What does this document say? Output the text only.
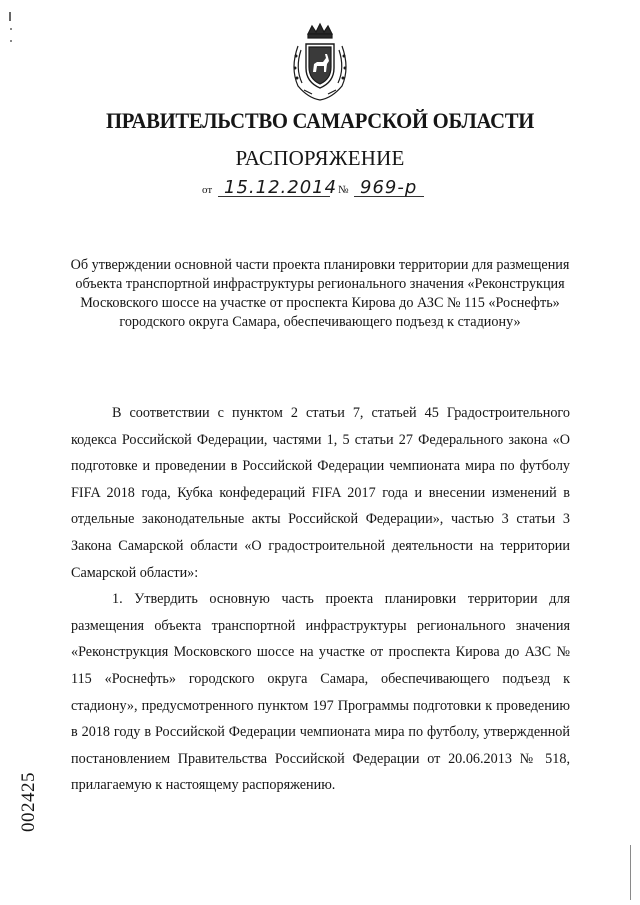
ПРАВИТЕЛЬСТВО САМАРСКОЙ ОБЛАСТИ
РАСПОРЯЖЕНИЕ
от 15.12.2014 № 969-р
Об утверждении основной части проекта планировки территории для размещения объекта транспортной инфраструктуры регионального значения «Реконструкция Московского шоссе на участке от проспекта Кирова до АЗС № 115 «Роснефть» городского округа Самара, обеспечивающего подъезд к стадиону»

В соответствии с пунктом 2 статьи 7, статьей 45 Градостроительного кодекса Российской Федерации, частями 1, 5 статьи 27 Федерального закона «О подготовке и проведении в Российской Федерации чемпионата мира по футболу FIFA 2018 года, Кубка конфедераций FIFA 2017 года и внесении изменений в отдельные законодательные акты Российской Федерации», частью 3 статьи 3 Закона Самарской области «О градостроительной деятельности на территории Самарской области»:

1. Утвердить основную часть проекта планировки территории для размещения объекта транспортной инфраструктуры регионального значения «Реконструкция Московского шоссе на участке от проспекта Кирова до АЗС № 115 «Роснефть» городского округа Самара, обеспечивающего подъезд к стадиону», предусмотренного пунктом 197 Программы подготовки к проведению в 2018 году в Российской Федерации чемпионата мира по футболу, утвержденной постановлением Правительства Российской Федерации от 20.06.2013 № 518, прилагаемую к настоящему распоряжению.

002425
